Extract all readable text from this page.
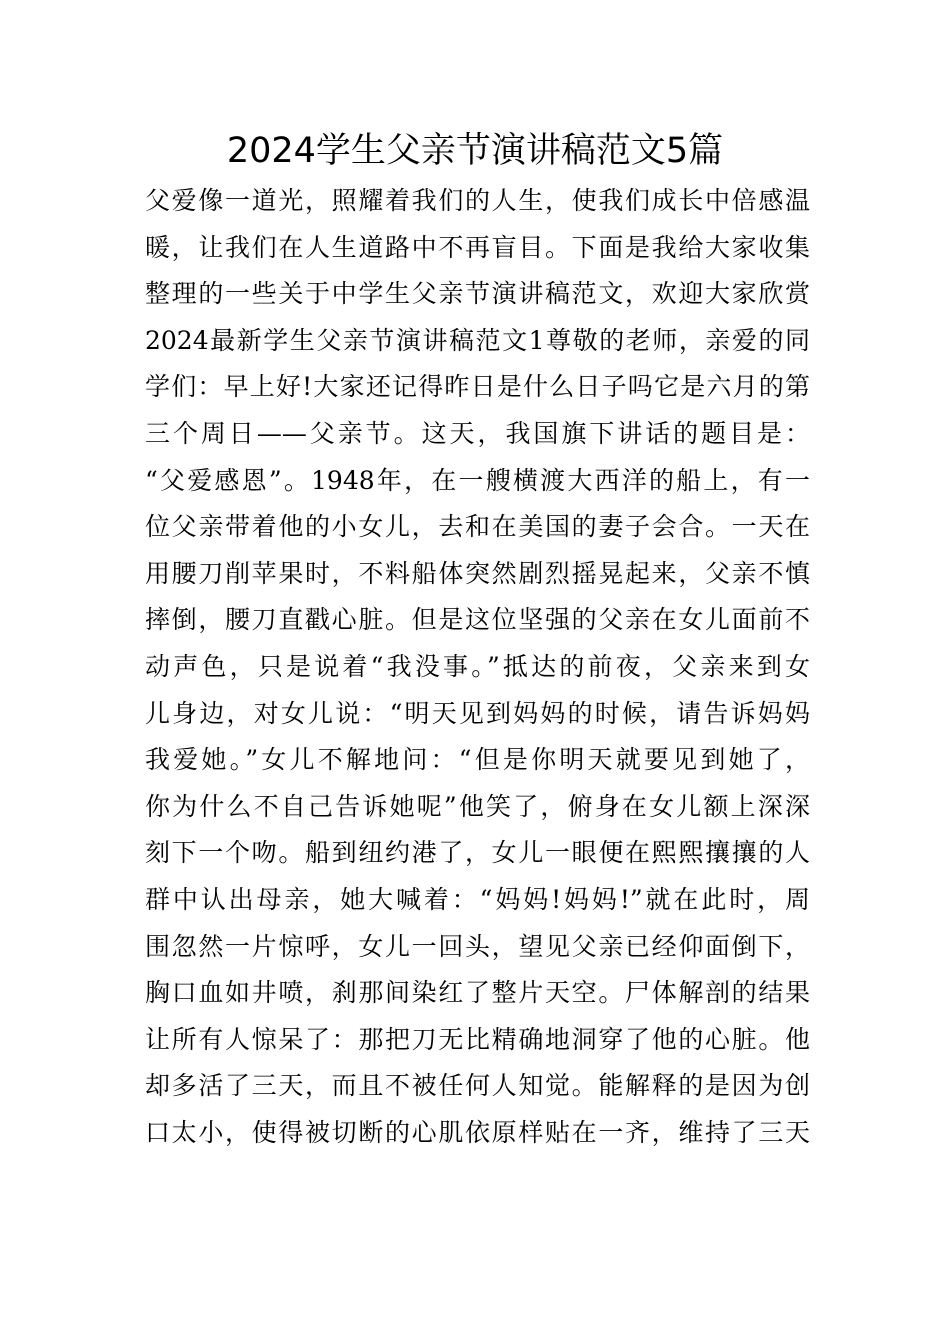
2024学生父亲节演讲稿范文5篇
父爱像一道光，照耀着我们的人生，使我们成长中倍感温
暖，让我们在人生道路中不再盲目。下面是我给大家收集
整理的一些关于中学生父亲节演讲稿范文，欢迎大家欣赏
2024最新学生父亲节演讲稿范文1尊敬的老师，亲爱的同
学们：早上好!大家还记得昨日是什么日子吗它是六月的第
三个周日——父亲节。这天，我国旗下讲话的题目是：
“父爱感恩”。1948年，在一艘横渡大西洋的船上，有一
位父亲带着他的小女儿，去和在美国的妻子会合。一天在
用腰刀削苹果时，不料船体突然剧烈摇晃起来，父亲不慎
摔倒，腰刀直戳心脏。但是这位坚强的父亲在女儿面前不
动声色，只是说着“我没事。”抵达的前夜，父亲来到女
儿身边，对女儿说：“明天见到妈妈的时候，请告诉妈妈
我爱她。”女儿不解地问：“但是你明天就要见到她了，
你为什么不自己告诉她呢”他笑了，俯身在女儿额上深深
刻下一个吻。船到纽约港了，女儿一眼便在熙熙攘攘的人
群中认出母亲，她大喊着：“妈妈!妈妈!”就在此时，周
围忽然一片惊呼，女儿一回头，望见父亲已经仰面倒下，
胸口血如井喷，刹那间染红了整片天空。尸体解剖的结果
让所有人惊呆了：那把刀无比精确地洞穿了他的心脏。他
却多活了三天，而且不被任何人知觉。能解释的是因为创
口太小，使得被切断的心肌依原样贴在一齐，维持了三天
